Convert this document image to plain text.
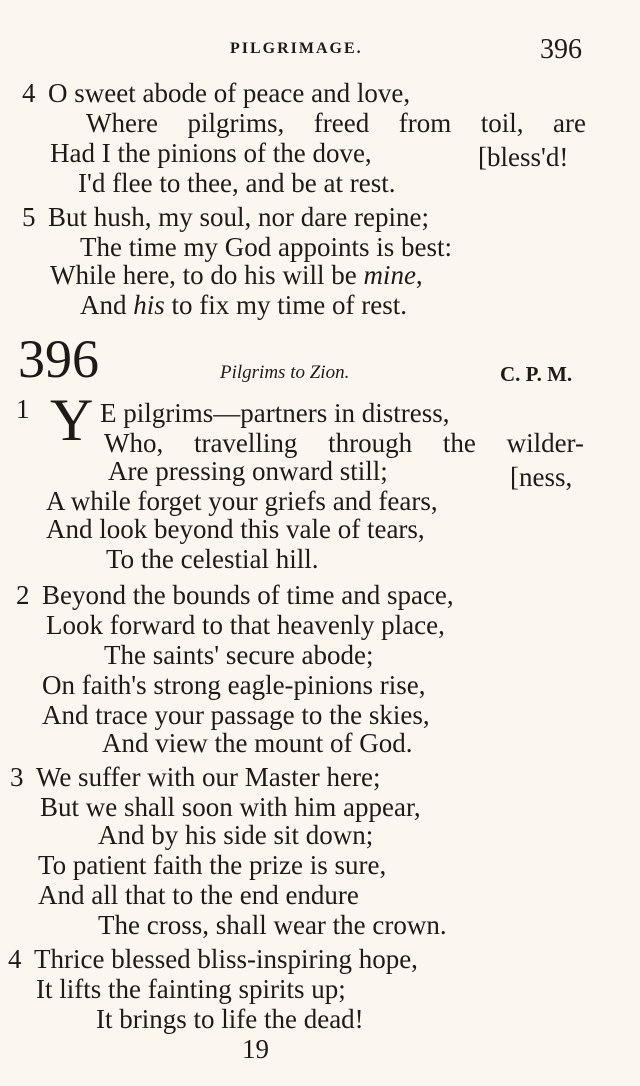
PILGRIMAGE.	396
4 O sweet abode of peace and love,
Where pilgrims, freed from toil, are
Had I the pinions of the dove,	[bless'd!
I'd flee to thee, and be at rest.
5 But hush, my soul, nor dare repine;
The time my God appoints is best:
While here, to do his will be mine,
And his to fix my time of rest.
396	Pilgrims to Zion.	C. P. M.
1 Y E pilgrims—partners in distress,
Who, travelling through the wilder-
Are pressing onward still;	[ness,
A while forget your griefs and fears,
And look beyond this vale of tears,
To the celestial hill.
2 Beyond the bounds of time and space,
Look forward to that heavenly place,
The saints' secure abode;
On faith's strong eagle-pinions rise,
And trace your passage to the skies,
And view the mount of God.
3 We suffer with our Master here;
But we shall soon with him appear,
And by his side sit down;
To patient faith the prize is sure,
And all that to the end endure
The cross, shall wear the crown.
4 Thrice blessed bliss-inspiring hope,
It lifts the fainting spirits up;
It brings to life the dead!
19
